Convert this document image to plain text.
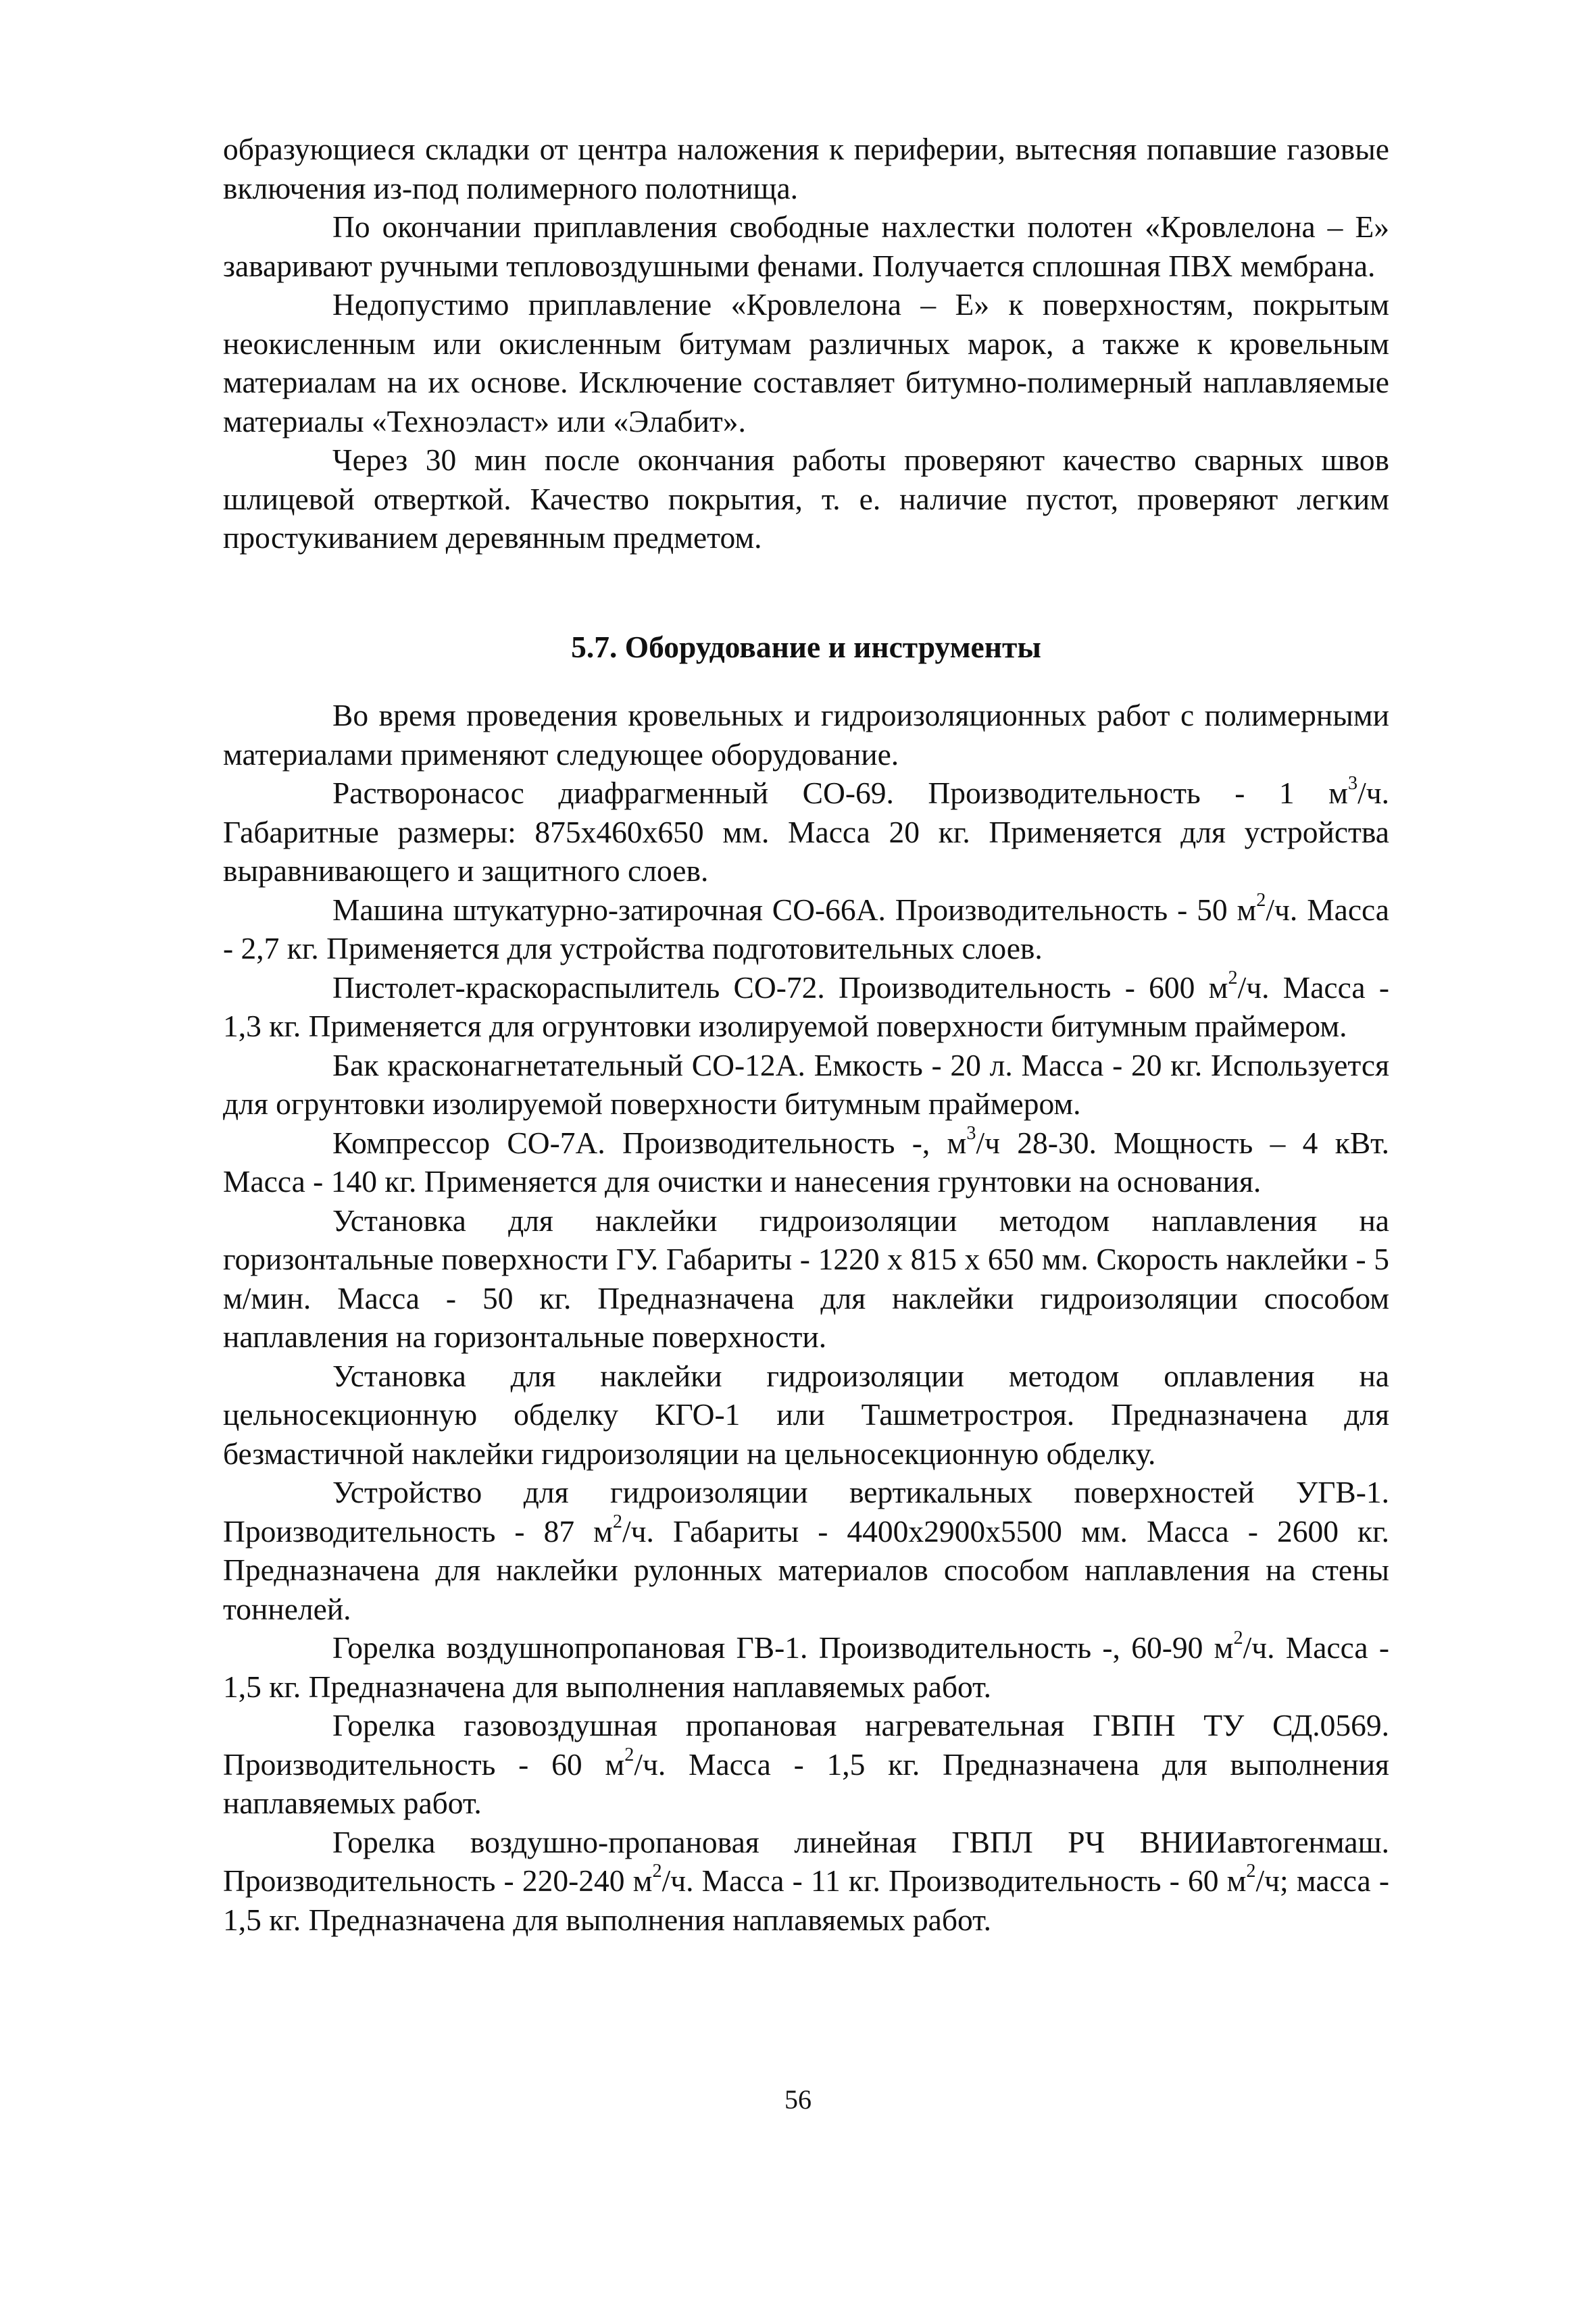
образующиеся складки от центра наложения к периферии, вытесняя попавшие газовые включения из-под полимерного полотнища.

По окончании приплавления свободные нахлестки полотен «Кровлелона – Е» заваривают ручными тепловоздушными фенами. Получается сплошная ПВХ мембрана.

Недопустимо приплавление «Кровлелона – Е» к поверхностям, покрытым неокисленным или окисленным битумам различных марок, а также к кровельным материалам на их основе. Исключение составляет битумно-полимерный наплавляемые материалы «Техноэласт» или «Элабит».

Через 30 мин после окончания работы проверяют качество сварных швов шлицевой отверткой. Качество покрытия, т. е. наличие пустот, проверяют легким простукиванием деревянным предметом.

5.7. Оборудование и инструменты

Во время проведения кровельных и гидроизоляционных работ с полимерными материалами применяют следующее оборудование.

Растворонасос диафрагменный СО-69. Производительность - 1 $м^3/ч$. Габаритные размеры: 875х460х650 мм. Масса 20 кг. Применяется для устройства выравнивающего и защитного слоев.

Машина штукатурно-затирочная СО-66А. Производительность - 50 $м^2/ч$. Масса - 2,7 кг. Применяется для устройства подготовительных слоев.

Пистолет-краскораспылитель СО-72. Производительность - 600 $м^2/ч$. Масса - 1,3 кг. Применяется для огрунтовки изолируемой поверхности битумным праймером.

Бак красконагнетательный СО-12А. Емкость - 20 л. Масса - 20 кг. Используется для огрунтовки изолируемой поверхности битумным праймером.

Компрессор СО-7А. Производительность -, $м^3/ч$ 28-30. Мощность – 4 кВт. Масса - 140 кг. Применяется для очистки и нанесения грунтовки на основания.

Установка для наклейки гидроизоляции методом наплавления на горизонтальные поверхности ГУ. Габариты - 1220 х 815 х 650 мм. Скорость наклейки - 5 м/мин. Масса - 50 кг. Предназначена для наклейки гидроизоляции способом наплавления на горизонтальные поверхности.

Установка для наклейки гидроизоляции методом оплавления на цельносекционную обделку КГО-1 или Ташметростроя. Предназначена для безмастичной наклейки гидроизоляции на цельносекционную обделку.

Устройство для гидроизоляции вертикальных поверхностей УГВ-1. Производительность - 87 $м^2/ч$. Габариты - 4400х2900х5500 мм. Масса - 2600 кг. Предназначена для наклейки рулонных материалов способом наплавления на стены тоннелей.

Горелка воздушнопропановая ГВ-1. Производительность -, 60-90 $м^2/ч$. Масса - 1,5 кг. Предназначена для выполнения наплавяемых работ.

Горелка газовоздушная пропановая нагревательная ГВПН ТУ СД.0569. Производительность - 60 $м^2/ч$. Масса - 1,5 кг. Предназначена для выполнения наплавяемых работ.

Горелка воздушно-пропановая линейная ГВПЛ РЧ ВНИИавтогенмаш. Производительность - 220-240 $м^2/ч$. Масса - 11 кг. Производительность - 60 $м^2/ч$; масса - 1,5 кг. Предназначена для выполнения наплавяемых работ.

56
